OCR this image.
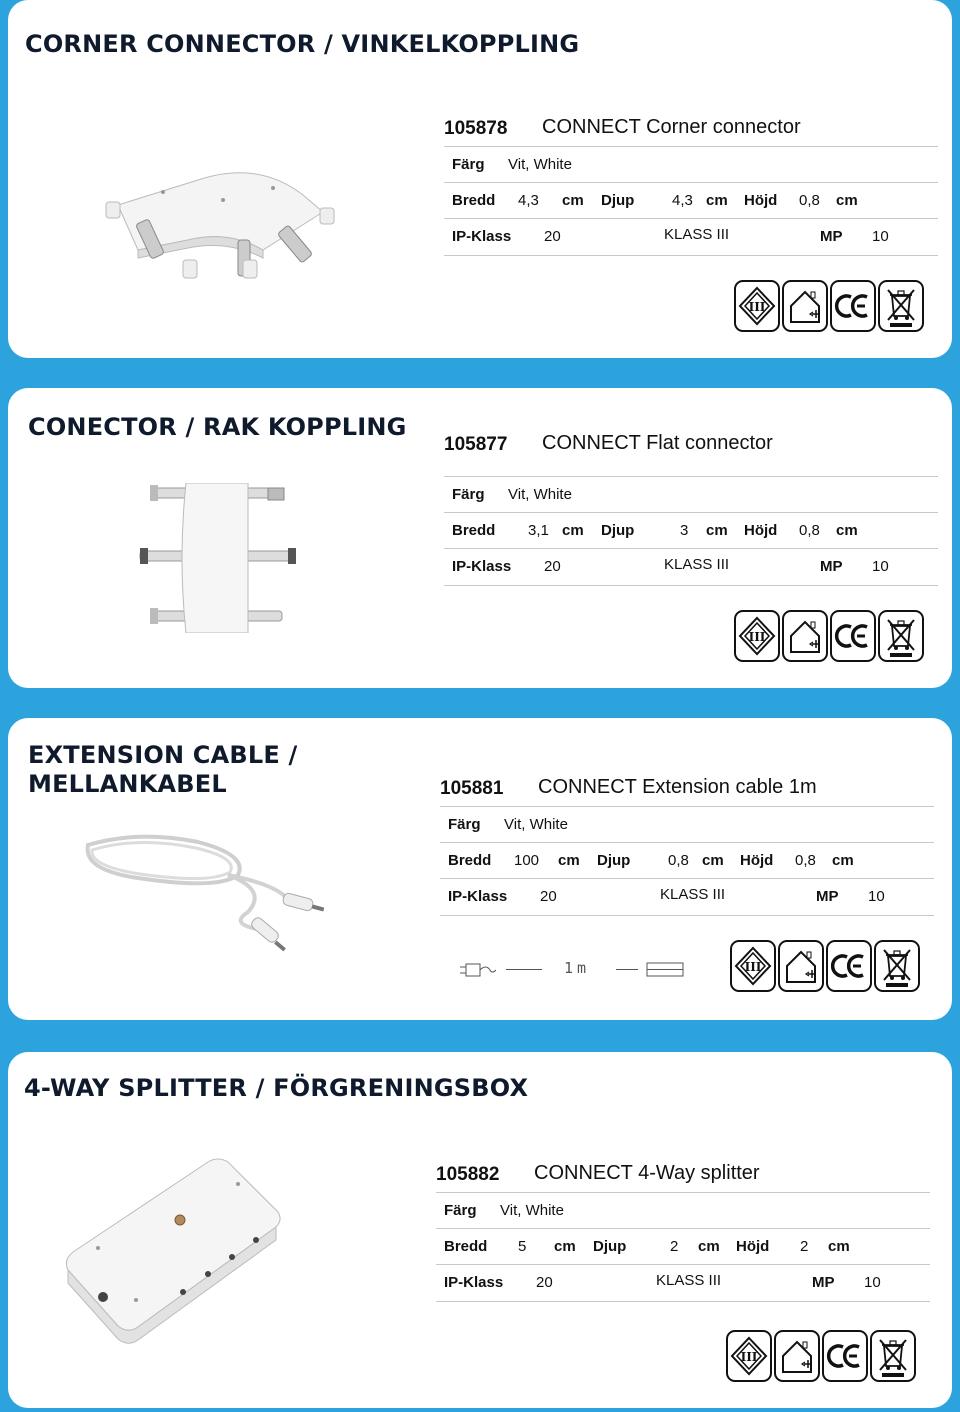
CORNER CONNECTOR / VINKELKOPPLING
105878 CONNECT Corner connector
Färg Vit, White
Bredd 4,3 cm Djup	4,3 cm Höjd 0,8 cm
IP-Klass 20	KLASS III	MP 10
III
CONECTOR / RAK KOPPLING
105877 CONNECT Flat connector
Färg Vit, White
Bredd 3,1 cm Djup	3 cm Höjd 0,8 cm
IP-Klass 20	KLASS III	MP 10
III
EXTENSION CABLE /
MELLANKABEL	105881 CONNECT Extension cable 1m
Färg Vit, White
Bredd 100 cm Djup	0,8 cm Höjd 0,8 cm
IP-Klass 20	KLASS III	MP 10
1m	III
4-WAY SPLITTER / FÖRGRENINGSBOX
105882 CONNECT 4-Way splitter
Färg Vit, White
Bredd 5 cm Djup	2 cm Höjd 2 cm
IP-Klass 20	KLASS III	MP 10
III
